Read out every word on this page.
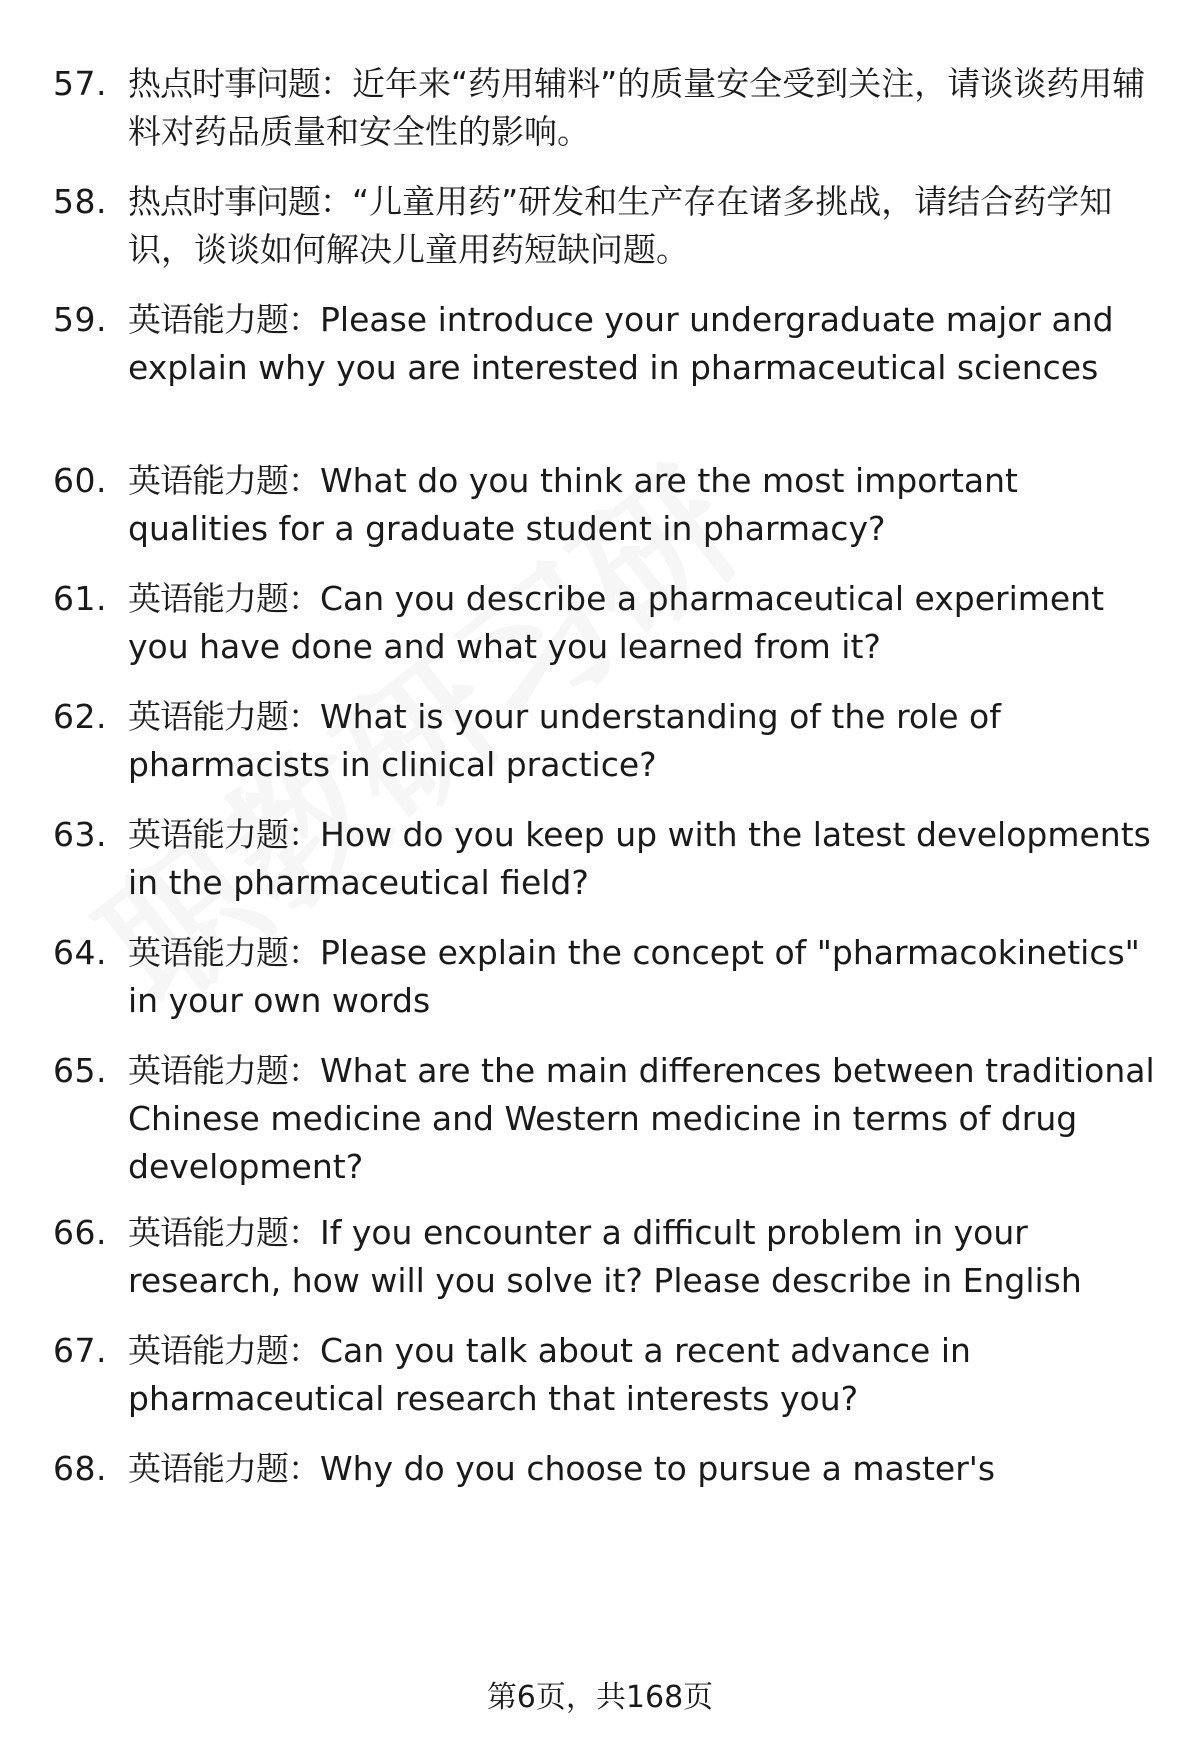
57. 热点时事问题：近年来“药用辅料”的质量安全受到关注，请谈谈药用辅料对药品质量和安全性的影响。
58. 热点时事问题：“儿童用药”研发和生产存在诸多挑战，请结合药学知识，谈谈如何解决儿童用药短缺问题。
59. 英语能力题：Please introduce your undergraduate major and explain why you are interested in pharmaceutical sciences
60. 英语能力题：What do you think are the most important qualities for a graduate student in pharmacy?
61. 英语能力题：Can you describe a pharmaceutical experiment you have done and what you learned from it?
62. 英语能力题：What is your understanding of the role of pharmacists in clinical practice?
63. 英语能力题：How do you keep up with the latest developments in the pharmaceutical field?
64. 英语能力题：Please explain the concept of "pharmacokinetics" in your own words
65. 英语能力题：What are the main differences between traditional Chinese medicine and Western medicine in terms of drug development?
66. 英语能力题：If you encounter a difficult problem in your research, how will you solve it? Please describe in English
67. 英语能力题：Can you talk about a recent advance in pharmaceutical research that interests you?
68. 英语能力题：Why do you choose to pursue a master's
第6页，共168页
